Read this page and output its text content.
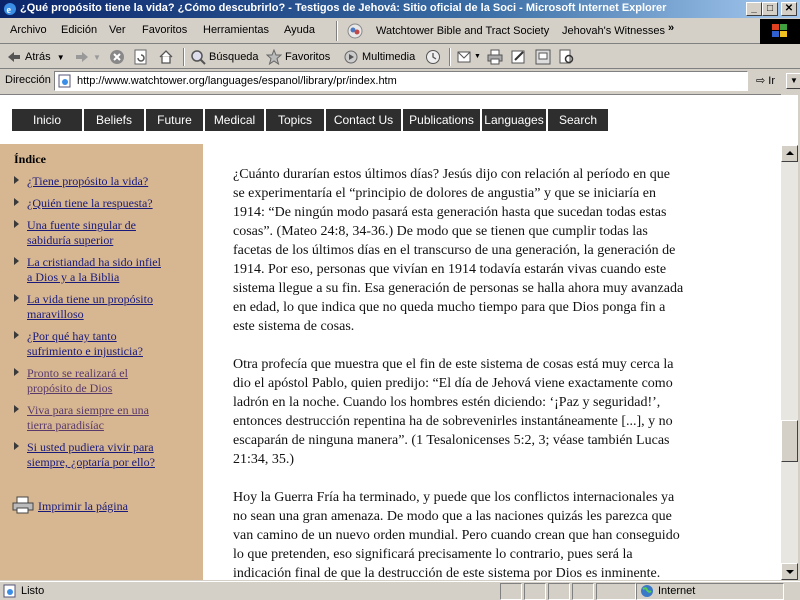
e ¿Qué propósito tiene la vida? ¿Cómo descubrirlo? - Testigos de Jehová: Sitio oficial de la Soci - Microsoft Internet Explorer	_	□	✕
Archivo Edición Ver Favoritos Herramientas Ayuda	Watchtower Bible and Tract Society Jehovah's Witnesses »
Atrás ▼	▼	Búsqueda Favoritos	Multimedia	▼
Dirección http://www.watchtower.org/languages/espanol/library/pr/index.htm	▼
⇨ Ir
Inicio	Beliefs	Future	Medical	Topics	Contact Us	Publications Languages	Search
Índice
¿Tiene propósito la vida?
¿Quién tiene la respuesta?
Una fuente singular de
sabiduría superior
La cristiandad ha sido infiel
a Dios y a la Biblia
La vida tiene un propósito
maravilloso
¿Por qué hay tanto
sufrimiento e injusticia?
Pronto se realizará el
propósito de Dios
Viva para siempre en una
tierra paradisíac
Si usted pudiera vivir para
siempre, ¿optaría por ello?
Imprimir la página

¿Cuánto durarían estos últimos días? Jesús dijo con relación al período en que
se experimentaría el “principio de dolores de angustia” y que se iniciaría en
1914: “De ningún modo pasará esta generación hasta que sucedan todas estas
cosas”. (Mateo 24:8, 34-36.) De modo que se tienen que cumplir todas las
facetas de los últimos días en el transcurso de una generación, la generación de
1914. Por eso, personas que vivían en 1914 todavía estarán vivas cuando este
sistema llegue a su fin. Esa generación de personas se halla ahora muy avanzada
en edad, lo que indica que no queda mucho tiempo para que Dios ponga fin a
este sistema de cosas.

Otra profecía que muestra que el fin de este sistema de cosas está muy cerca la
dio el apóstol Pablo, quien predijo: “El día de Jehová viene exactamente como
ladrón en la noche. Cuando los hombres estén diciendo: ‘¡Paz y seguridad!’,
entonces destrucción repentina ha de sobrevenirles instantáneamente [...], y no
escaparán de ninguna manera”. (1 Tesalonicenses 5:2, 3; véase también Lucas
21:34, 35.)

Hoy la Guerra Fría ha terminado, y puede que los conflictos internacionales ya
no sean una gran amenaza. De modo que a las naciones quizás les parezca que
van camino de un nuevo orden mundial. Pero cuando crean que han conseguido
lo que pretenden, eso significará precisamente lo contrario, pues será la
indicación final de que la destrucción de este sistema por Dios es inminente.

Listo	Internet
